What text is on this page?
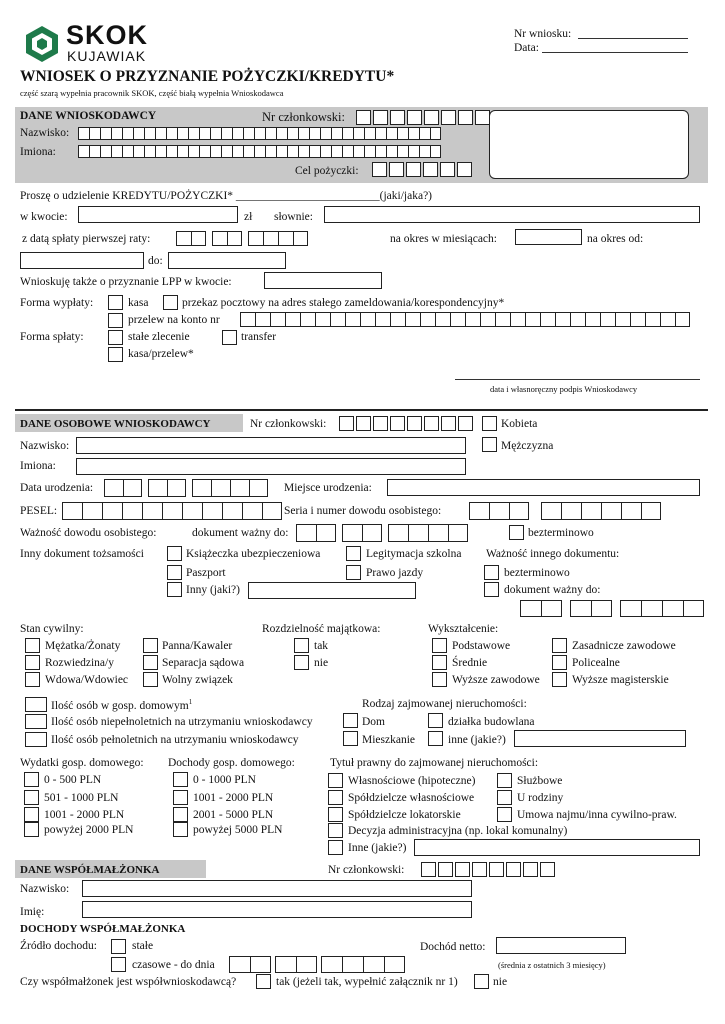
SKOK
KUJAWIAK
Nr wniosku:
Data:
WNIOSEK O PRZYZNANIE POŻYCZKI/KREDYTU*
część szarą wypełnia pracownik SKOK, część białą wypełnia Wnioskodawca
DANE WNIOSKODAWCY	Nr członkowski:
Nazwisko:
Imiona:
Cel pożyczki:
Proszę o udzielenie KREDYTU/POŻYCZKI* _________________________(jaki/jaka?)
w kwocie:	zł słownie:
z datą spłaty pierwszej raty:	na okres w miesiącach:	na okres od:
do:
Wnioskuję także o przyznanie LPP w kwocie:
Forma wypłaty:	kasa	przekaz pocztowy na adres stałego zameldowania/korespondencyjny*
przelew na konto nr
Forma spłaty:	stałe zlecenie	transfer
kasa/przelew*
data i własnoręczny podpis Wnioskodawcy
DANE OSOBOWE WNIOSKODAWCY	Nr członkowski:	Kobieta
Mężczyzna
Nazwisko:
Imiona:
Data urodzenia:	Miejsce urodzenia:
PESEL:	Seria i numer dowodu osobistego:
Ważność dowodu osobistego:	dokument ważny do:	bezterminowo
Inny dokument tożsamości	Książeczka ubezpieczeniowa	Legitymacja szkolna Ważność innego dokumentu:
Paszport	Prawo jazdy	bezterminowo
Inny (jaki?)	dokument ważny do:
Stan cywilny:
Mężatka/Żonaty	Panna/Kawaler
Rozwiedzina/y	Separacja sądowa
Wdowa/Wdowiec	Wolny związek
Rozdzielność majątkowa:
tak
nie
Wykształcenie:
Podstawowe	Zasadnicze zawodowe
Średnie	Policealne
Wyższe zawodowe	Wyższe magisterskie
Ilość osób w gosp. domowym$^1$
Ilość osób niepełnoletnich na utrzymaniu wnioskodawcy
Ilość osób pełnoletnich na utrzymaniu wnioskodawcy
Rodzaj zajmowanej nieruchomości:
Dom	działka budowlana
Mieszkanie	inne (jakie?)
Wydatki gosp. domowego:
0 - 500 PLN
501 - 1000 PLN
1001 - 2000 PLN
powyżej 2000 PLN
Dochody gosp. domowego:
0 - 1000 PLN
1001 - 2000 PLN
2001 - 5000 PLN
powyżej 5000 PLN
Tytuł prawny do zajmowanej nieruchomości:
Własnościowe (hipoteczne)	Służbowe
Spółdzielcze własnościowe	U rodziny
Spółdzielcze lokatorskie	Umowa najmu/inna cywilno-praw.
Decyzja administracyjna (np. lokal komunalny)
Inne (jakie?)
DANE WSPÓŁMAŁŻONKA	Nr członkowski:
Nazwisko:
Imię:
DOCHODY WSPÓŁMAŁŻONKA
Źródło dochodu:	stałe
czasowe - do dnia
Dochód netto:
(średnia z ostatnich 3 miesięcy)
Czy współmałżonek jest współwnioskodawcą?	tak (jeżeli tak, wypełnić załącznik nr 1)	nie
